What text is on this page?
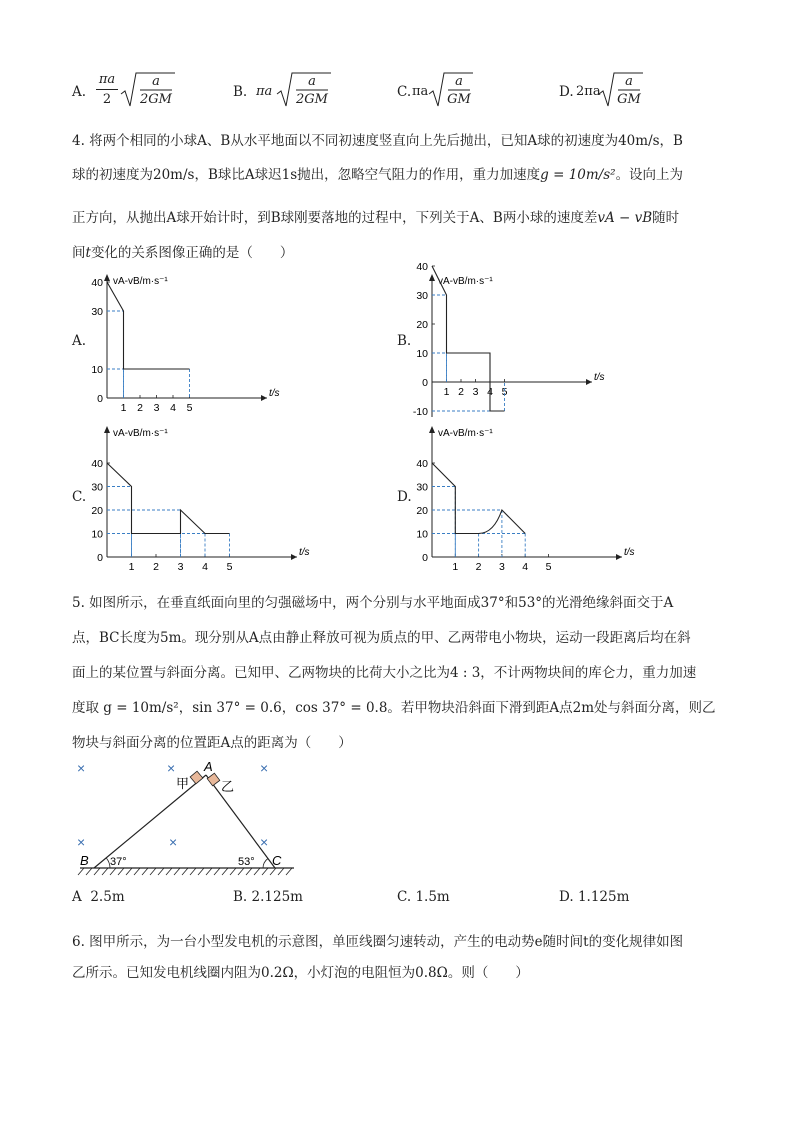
A.
πa
2
a
2GM	B. πa
a
2GM	C. πa
a
GM	D. 2πa
a
GM
4. 将两个相同的小球A、B从水平地面以不同初速度竖直向上先后抛出，已知A球的初速度为40m/s，B
球的初速度为20m/s，B球比A球迟1s抛出，忽略空气阻力的作用，重力加速度g = 10m/s²。设向上为
正方向，从抛出A球开始计时，到B球刚要落地的过程中，下列关于A、B两小球的速度差vA − vB随时
间t变化的关系图像正确的是（　　）
A.
vA-vB/m·s⁻¹
t/s
40
30
10
0
1 2 3 4 5
B.
vA-vB/m·s⁻¹
t/s
40
30
20
10
0
-10
1 2 3 4 5
C.
vA-vB/m·s⁻¹
t/s
40
30
20
10
0
1 2 3 4 5
D.
vA-vB/m·s⁻¹
t/s
40
30
20
10
0
1 2 3 4 5
5. 如图所示，在垂直纸面向里的匀强磁场中，两个分别与水平地面成37°和53°的光滑绝缘斜面交于A
点，BC长度为5m。现分别从A点由静止释放可视为质点的甲、乙两带电小物块，运动一段距离后均在斜
面上的某位置与斜面分离。已知甲、乙两物块的比荷大小之比为4 : 3，不计两物块间的库仑力，重力加速
度取 g = 10m/s²，sin 37° = 0.6，cos 37° = 0.8。若甲物块沿斜面下滑到距A点2m处与斜面分离，则乙
物块与斜面分离的位置距A点的距离为（　　）
×	×
×	×	×
× A
甲 乙
B	C
37°	53°
A 2.5m	B. 2.125m	C. 1.5m	D. 1.125m
6. 图甲所示，为一台小型发电机的示意图，单匝线圈匀速转动，产生的电动势e随时间t的变化规律如图
乙所示。已知发电机线圈内阻为0.2Ω，小灯泡的电阻恒为0.8Ω。则（　　）
